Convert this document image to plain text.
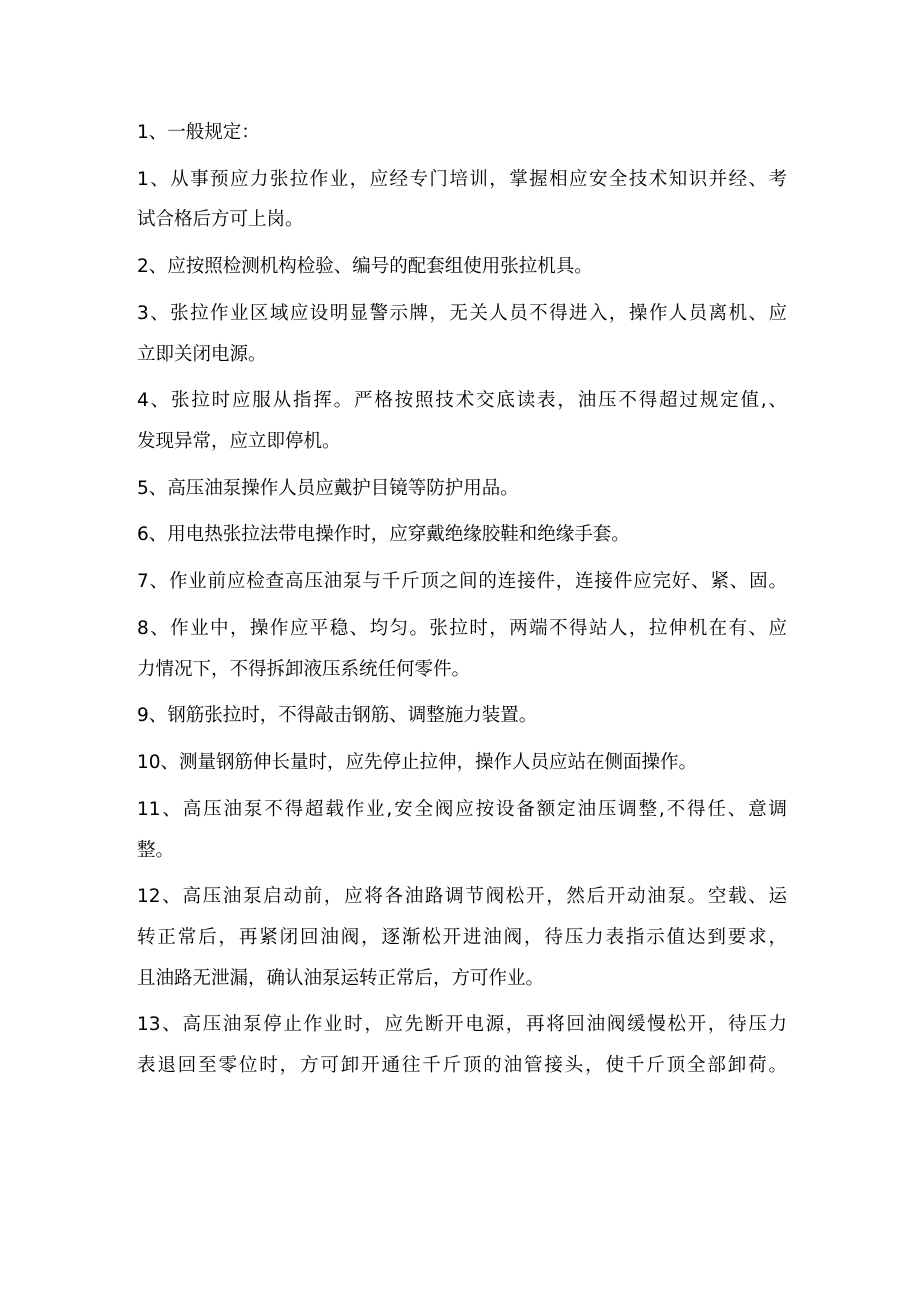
1、一般规定：
1、从事预应力张拉作业，应经专门培训，掌握相应安全技术知识并经、考
试合格后方可上岗。
2、应按照检测机构检验、编号的配套组使用张拉机具。
3、张拉作业区域应设明显警示牌，无关人员不得进入，操作人员离机、应
立即关闭电源。
4、张拉时应服从指挥。严格按照技术交底读表，油压不得超过规定值,、
发现异常，应立即停机。
5、高压油泵操作人员应戴护目镜等防护用品。
6、用电热张拉法带电操作时，应穿戴绝缘胶鞋和绝缘手套。
7、作业前应检查高压油泵与千斤顶之间的连接件，连接件应完好、紧、固。
8、作业中，操作应平稳、均匀。张拉时，两端不得站人，拉伸机在有、应
力情况下，不得拆卸液压系统任何零件。
9、钢筋张拉时，不得敲击钢筋、调整施力装置。
10、测量钢筋伸长量时，应先停止拉伸，操作人员应站在侧面操作。
11、高压油泵不得超载作业,安全阀应按设备额定油压调整,不得任、意调
整。
12、高压油泵启动前，应将各油路调节阀松开，然后开动油泵。空载、运
转正常后，再紧闭回油阀，逐渐松开进油阀，待压力表指示值达到要求，
且油路无泄漏，确认油泵运转正常后，方可作业。
13、高压油泵停止作业时，应先断开电源，再将回油阀缓慢松开，待压力
表退回至零位时，方可卸开通往千斤顶的油管接头，使千斤顶全部卸荷。
